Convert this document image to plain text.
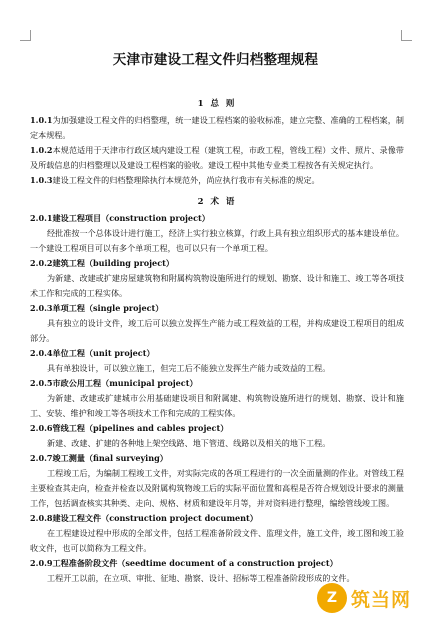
天津市建设工程文件归档整理规程
1 总 则

1.0.1为加强建设工程文件的归档整理，统一建设工程档案的验收标准，建立完整、准确的工程档案，制定本规程。

1.0.2本规范适用于天津市行政区域内建设工程（建筑工程，市政工程，管线工程）文件、照片、录像带及所载信息的归档整理以及建设工程档案的验收。建设工程中其他专业类工程按各有关规定执行。

1.0.3建设工程文件的归档整理除执行本规范外，尚应执行我市有关标准的规定。

2 术 语

2.0.1建设工程项目（construction project）

经批准按一个总体设计进行施工，经济上实行独立核算，行政上具有独立组织形式的基本建设单位。一个建设工程项目可以有多个单项工程，也可以只有一个单项工程。

2.0.2建筑工程（building project）

为新建、改建或扩建房屋建筑物和附属构筑物设施所进行的规划、勘察、设计和施工、竣工等各项技术工作和完成的工程实体。

2.0.3单项工程（single project）

具有独立的设计文件，竣工后可以独立发挥生产能力或工程效益的工程，并构成建设工程项目的组成部分。

2.0.4单位工程（unit project）

具有单独设计，可以独立施工，但完工后不能独立发挥生产能力或效益的工程。

2.0.5市政公用工程（municipal project）

为新建、改建或扩建城市公用基础建设项目和附属建、构筑物设施所进行的规划、勘察、设计和施工、安装、维护和竣工等各项技术工作和完成的工程实体。

2.0.6管线工程（pipelines and cables project）

新建、改建、扩建的各种地上架空线路、地下管道、线路以及相关的地下工程。

2.0.7竣工测量（final surveying）

工程竣工后，为编制工程竣工文件，对实际完成的各项工程进行的一次全面量测的作业。对管线工程主要检查其走向，检查并检查以及附属构筑物竣工后的实际平面位置和高程是否符合规划设计要求的测量工作，包括调查核实其种类、走向、规格、材质和建设年月等，并对资料进行整理，编绘管线竣工图。

2.0.8建设工程文件（construction project document）

在工程建设过程中形成的全部文件，包括工程准备阶段文件、监理文件，施工文件，竣工图和竣工验收文件，也可以简称为工程文件。

2.0.9工程准备阶段文件（seedtime document of a construction project）

工程开工以前，在立项、审批、征地、勘察、设计、招标等工程准备阶段形成的文件。

Z 筑当网
